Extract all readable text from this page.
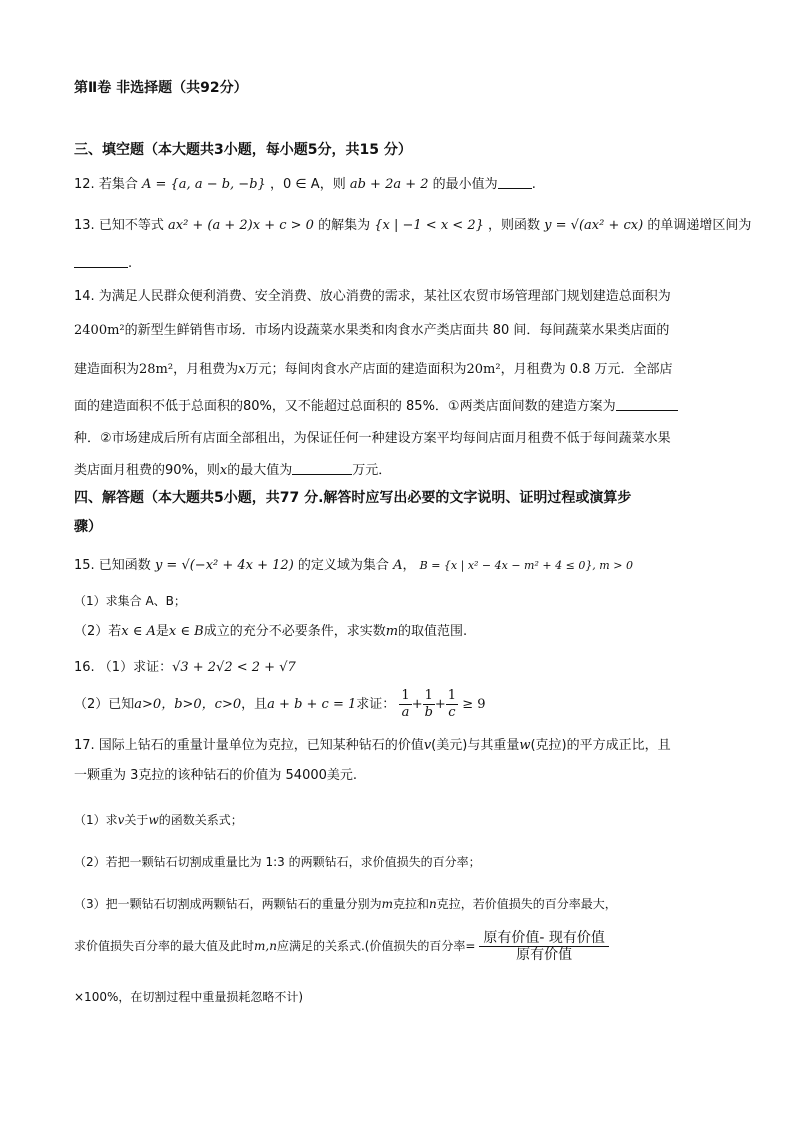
第Ⅱ卷 非选择题（共92分）
三、填空题（本大题共3小题，每小题5分，共15 分）
12. 若集合 A = {a, a − b, −b} ，0 ∈ A，则 ab + 2a + 2 的最小值为	.
13. 已知不等式 ax² + (a + 2)x + c > 0 的解集为 {x | −1 < x < 2} ，则函数 y = √(ax² + cx) 的单调递增区间为
.
14. 为满足人民群众便利消费、安全消费、放心消费的需求，某社区农贸市场管理部门规划建造总面积为
2400m²的新型生鲜销售市场．市场内设蔬菜水果类和肉食水产类店面共 80 间．每间蔬菜水果类店面的
建造面积为28m²，月租费为x万元；每间肉食水产店面的建造面积为20m²，月租费为 0.8 万元．全部店
面的建造面积不低于总面积的80%，又不能超过总面积的 85%．①两类店面间数的建造方案为
种．②市场建成后所有店面全部租出，为保证任何一种建设方案平均每间店面月租费不低于每间蔬菜水果
类店面月租费的90%，则x的最大值为	万元．
四、解答题（本大题共5小题，共77 分.解答时应写出必要的文字说明、证明过程或演算步
骤）
15. 已知函数 y = √(−x² + 4x + 12) 的定义域为集合 A， B = {x | x² − 4x − m² + 4 ≤ 0}, m > 0
（1）求集合 A、B；
（2）若x ∈ A是x ∈ B成立的充分不必要条件，求实数m的取值范围.
16. （1）求证：√3 + 2√2 < 2 + √7
（2）已知a>0，b>0，c>0，且a + b + c = 1求证： $\frac{1}{a} + \frac{1}{b} + \frac{1}{c} \ge 9$
17. 国际上钻石的重量计量单位为克拉，已知某种钻石的价值v(美元)与其重量w(克拉)的平方成正比，且
一颗重为 3克拉的该种钻石的价值为 54000美元.
（1）求v关于w的函数关系式；
（2）若把一颗钻石切割成重量比为 1:3 的两颗钻石，求价值损失的百分率；
（3）把一颗钻石切割成两颗钻石，两颗钻石的重量分别为m克拉和n克拉，若价值损失的百分率最大，
求价值损失百分率的最大值及此时m,n应满足的关系式.(价值损失的百分率= $\frac{\text{原有价值- 现有价值}}{\text{原有价值}}$
×100%，在切割过程中重量损耗忽略不计)
